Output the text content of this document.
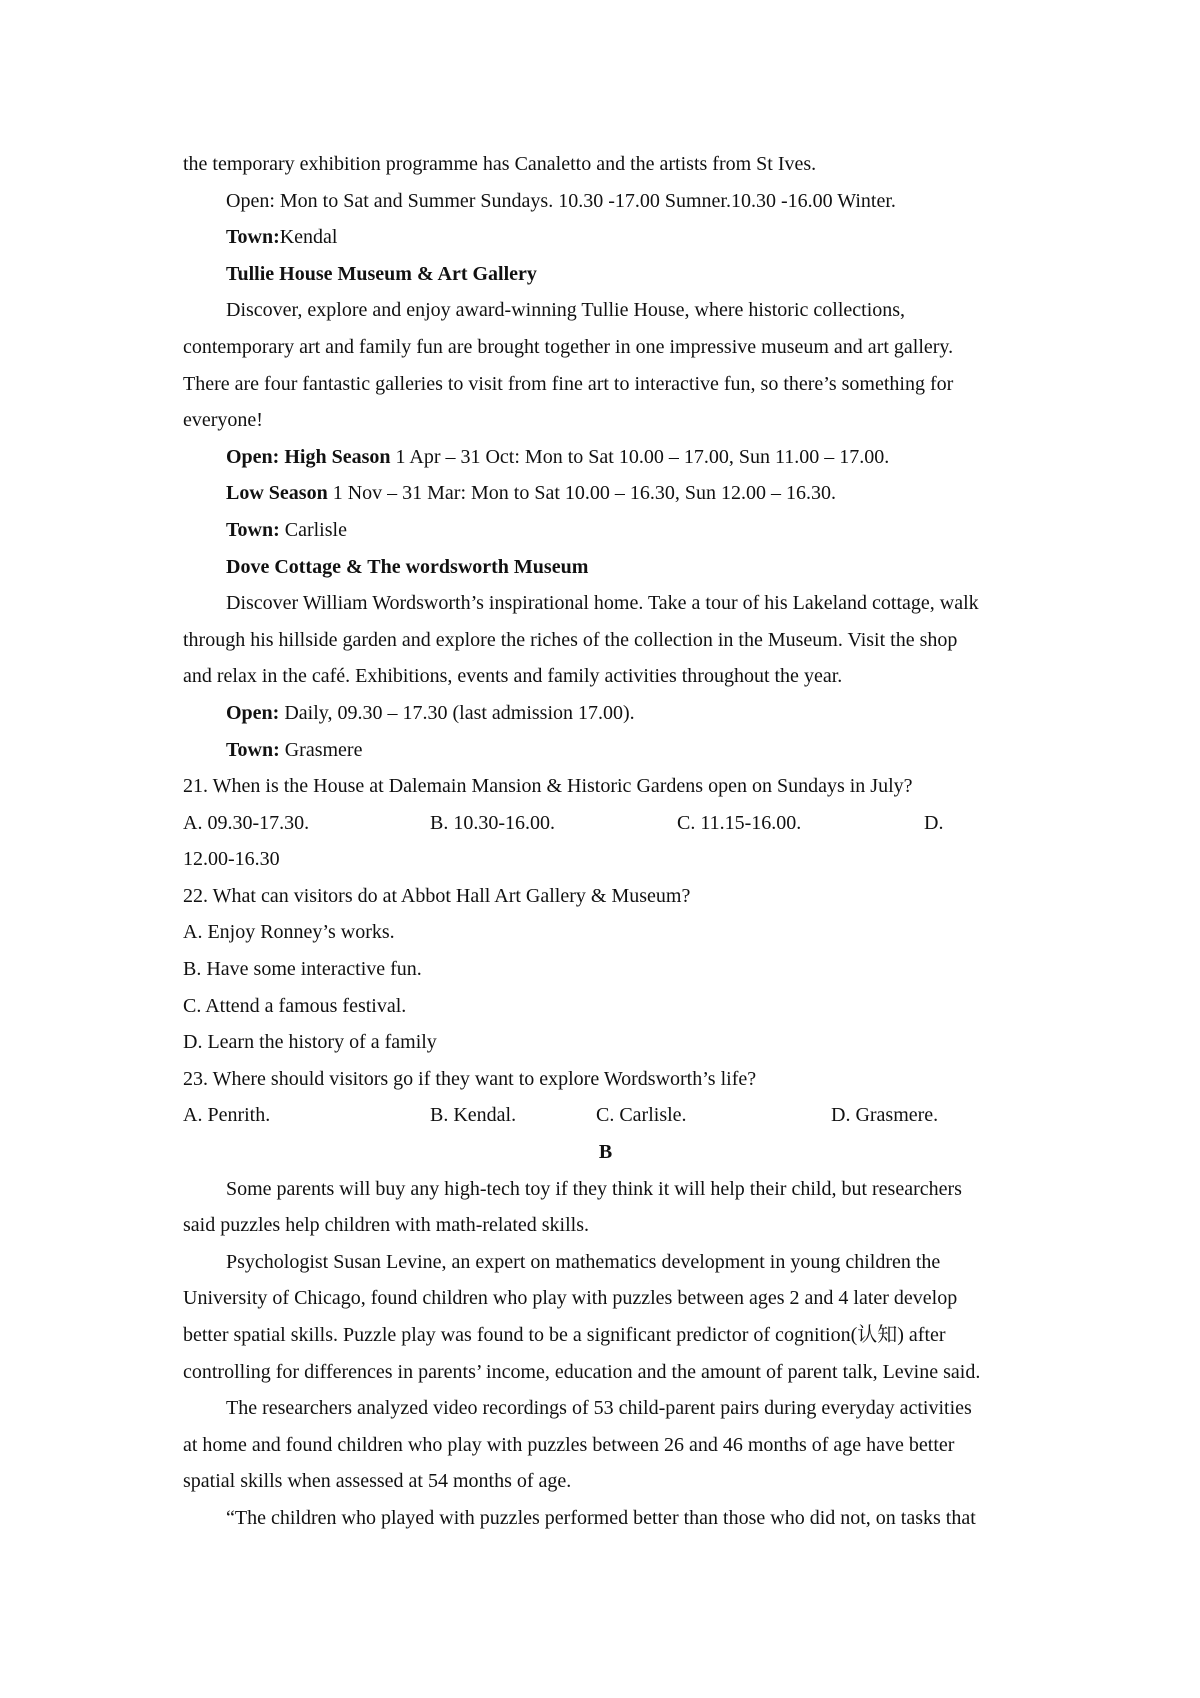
the temporary exhibition programme has Canaletto and the artists from St Ives.
Open: Mon to Sat and Summer Sundays. 10.30 -17.00 Sumner.10.30 -16.00 Winter.
Town:Kendal
Tullie House Museum & Art Gallery
Discover, explore and enjoy award-winning Tullie House, where historic collections,
contemporary art and family fun are brought together in one impressive museum and art gallery.
There are four fantastic galleries to visit from fine art to interactive fun, so there’s something for
everyone!
Open: High Season 1 Apr – 31 Oct: Mon to Sat 10.00 – 17.00, Sun 11.00 – 17.00.
Low Season 1 Nov – 31 Mar: Mon to Sat 10.00 – 16.30, Sun 12.00 – 16.30.
Town: Carlisle
Dove Cottage & The wordsworth Museum
Discover William Wordsworth’s inspirational home. Take a tour of his Lakeland cottage, walk
through his hillside garden and explore the riches of the collection in the Museum. Visit the shop
and relax in the café. Exhibitions, events and family activities throughout the year.
Open: Daily, 09.30 – 17.30 (last admission 17.00).
Town: Grasmere
21. When is the House at Dalemain Mansion & Historic Gardens open on Sundays in July?
A. 09.30-17.30.	B. 10.30-16.00.	C. 11.15-16.00.	D.
12.00-16.30
22. What can visitors do at Abbot Hall Art Gallery & Museum?
A. Enjoy Ronney’s works.
B. Have some interactive fun.
C. Attend a famous festival.
D. Learn the history of a family
23. Where should visitors go if they want to explore Wordsworth’s life?
A. Penrith.	B. Kendal.	C. Carlisle.	D. Grasmere.
B
Some parents will buy any high-tech toy if they think it will help their child, but researchers
said puzzles help children with math-related skills.
Psychologist Susan Levine, an expert on mathematics development in young children the
University of Chicago, found children who play with puzzles between ages 2 and 4 later develop
better spatial skills. Puzzle play was found to be a significant predictor of cognition(认知) after
controlling for differences in parents’ income, education and the amount of parent talk, Levine said.
The researchers analyzed video recordings of 53 child-parent pairs during everyday activities
at home and found children who play with puzzles between 26 and 46 months of age have better
spatial skills when assessed at 54 months of age.
“The children who played with puzzles performed better than those who did not, on tasks that
